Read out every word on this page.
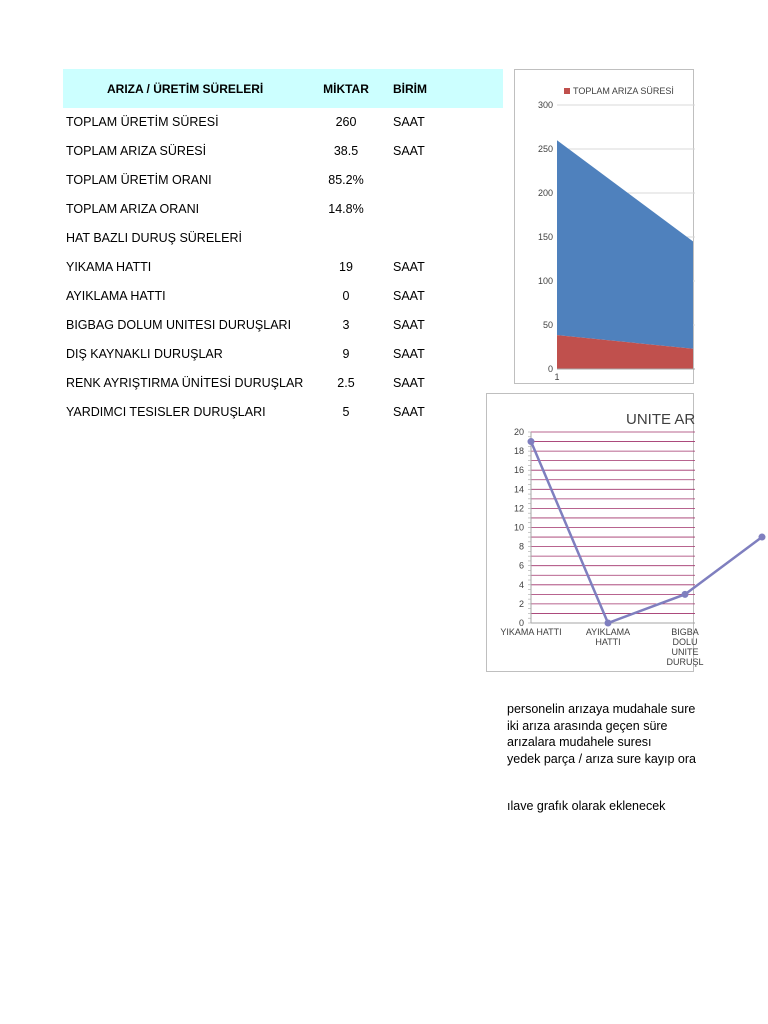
ARIZA / ÜRETİM SÜRELERİ	MİKTAR	BİRİM
TOPLAM ÜRETİM SÜRESİ	260	SAAT
TOPLAM ARIZA SÜRESİ	38.5	SAAT
TOPLAM ÜRETİM ORANI	85.2%
TOPLAM ARIZA ORANI	14.8%
HAT BAZLI DURUŞ SÜRELERİ
YIKAMA HATTI	19	SAAT
AYIKLAMA HATTI	0	SAAT
BIGBAG DOLUM UNITESI DURUŞLARI	3	SAAT
DIŞ KAYNAKLI DURUŞLAR	9	SAAT
RENK AYRIŞTIRMA ÜNİTESİ DURUŞLAR	2.5	SAAT
YARDIMCI TESISLER DURUŞLARI	5	SAAT
0
50
100
150
200
250
300
1
TOPLAM ARIZA SÜRESİ
UNITE AR
0
2
4
6
8
10
12
14
16
18
20
YIKAMA HATTI	AYIKLAMA
HATTI
BIGBA
DOLU
UNITE
DURUŞL
personelin arızaya mudahale sure
iki arıza arasında geçen süre
arızalara mudahele suresı
yedek parça / arıza sure kayıp ora
ılave grafık olarak eklenecek
